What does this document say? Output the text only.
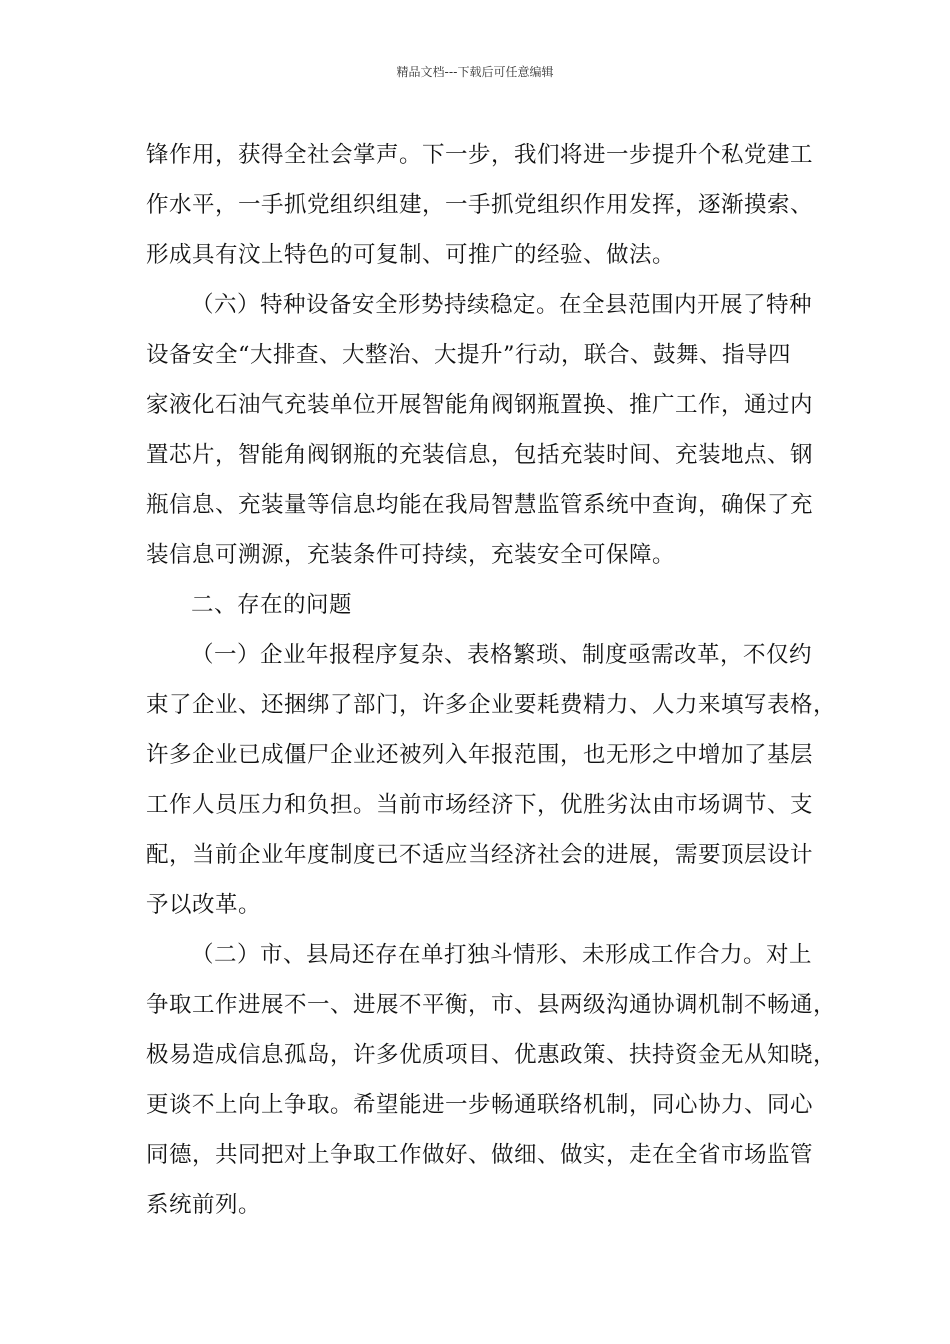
精品文档---下载后可任意编辑
锋作用，获得全社会掌声。下一步，我们将进一步提升个私党建工
作水平，一手抓党组织组建，一手抓党组织作用发挥，逐渐摸索、
形成具有汶上特色的可复制、可推广的经验、做法。
（六）特种设备安全形势持续稳定。在全县范围内开展了特种
设备安全“大排查、大整治、大提升”行动，联合、鼓舞、指导四
家液化石油气充装单位开展智能角阀钢瓶置换、推广工作，通过内
置芯片，智能角阀钢瓶的充装信息，包括充装时间、充装地点、钢
瓶信息、充装量等信息均能在我局智慧监管系统中查询，确保了充
装信息可溯源，充装条件可持续，充装安全可保障。
二、存在的问题
（一）企业年报程序复杂、表格繁琐、制度亟需改革，不仅约
束了企业、还捆绑了部门，许多企业要耗费精力、人力来填写表格，
许多企业已成僵尸企业还被列入年报范围，也无形之中增加了基层
工作人员压力和负担。当前市场经济下，优胜劣汰由市场调节、支
配，当前企业年度制度已不适应当经济社会的进展，需要顶层设计
予以改革。
（二）市、县局还存在单打独斗情形、未形成工作合力。对上
争取工作进展不一、进展不平衡，市、县两级沟通协调机制不畅通，
极易造成信息孤岛，许多优质项目、优惠政策、扶持资金无从知晓，
更谈不上向上争取。希望能进一步畅通联络机制，同心协力、同心
同德，共同把对上争取工作做好、做细、做实，走在全省市场监管
系统前列。
